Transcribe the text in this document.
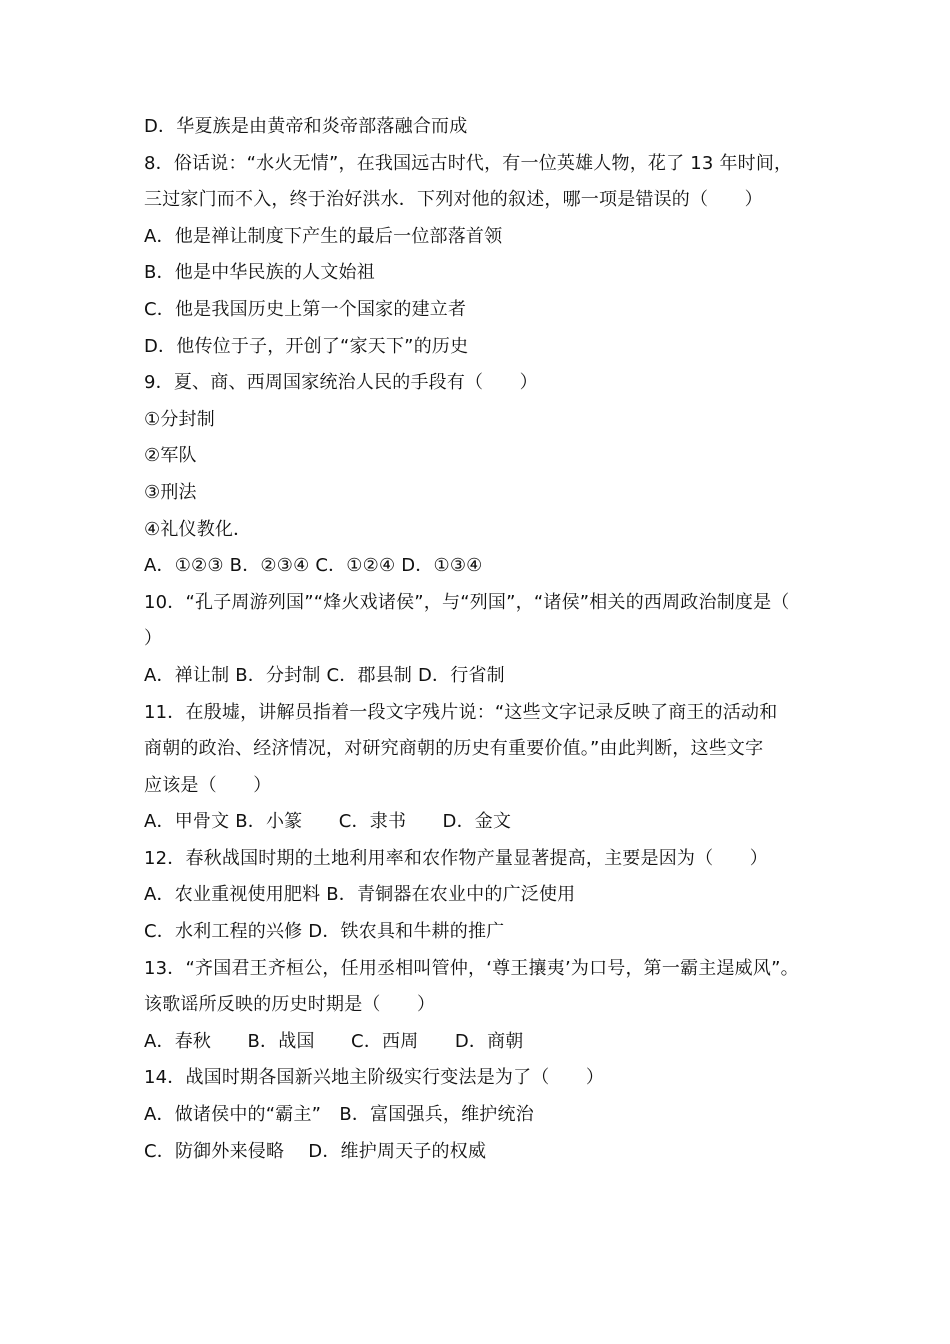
D．华夏族是由黄帝和炎帝部落融合而成
8．俗话说：“水火无情”，在我国远古时代，有一位英雄人物，花了 13 年时间，
三过家门而不入，终于治好洪水．下列对他的叙述，哪一项是错误的（　　）
A．他是禅让制度下产生的最后一位部落首领
B．他是中华民族的人文始祖
C．他是我国历史上第一个国家的建立者
D．他传位于子，开创了“家天下”的历史
9．夏、商、西周国家统治人民的手段有（　　）
①分封制
②军队
③刑法
④礼仪教化．
A．①②③ B．②③④ C．①②④ D．①③④
10．“孔子周游列国”“烽火戏诸侯”，与“列国”，“诸侯”相关的西周政治制度是（
）
A．禅让制 B．分封制 C．郡县制 D．行省制
11．在殷墟，讲解员指着一段文字残片说：“这些文字记录反映了商王的活动和
商朝的政治、经济情况，对研究商朝的历史有重要价值。”由此判断，这些文字
应该是（　　）
A．甲骨文 B．小篆　　C．隶书　　D．金文
12．春秋战国时期的土地利用率和农作物产量显著提高，主要是因为（　　）
A．农业重视使用肥料 B．青铜器在农业中的广泛使用
C．水利工程的兴修 D．铁农具和牛耕的推广
13．“齐国君王齐桓公，任用丞相叫管仲，‘尊王攘夷’为口号，第一霸主逞威风”。
该歌谣所反映的历史时期是（　　）
A．春秋　　B．战国　　C．西周　　D．商朝
14．战国时期各国新兴地主阶级实行变法是为了（　　）
A．做诸侯中的“霸主”　B．富国强兵，维护统治
C．防御外来侵略　 D．维护周天子的权威
